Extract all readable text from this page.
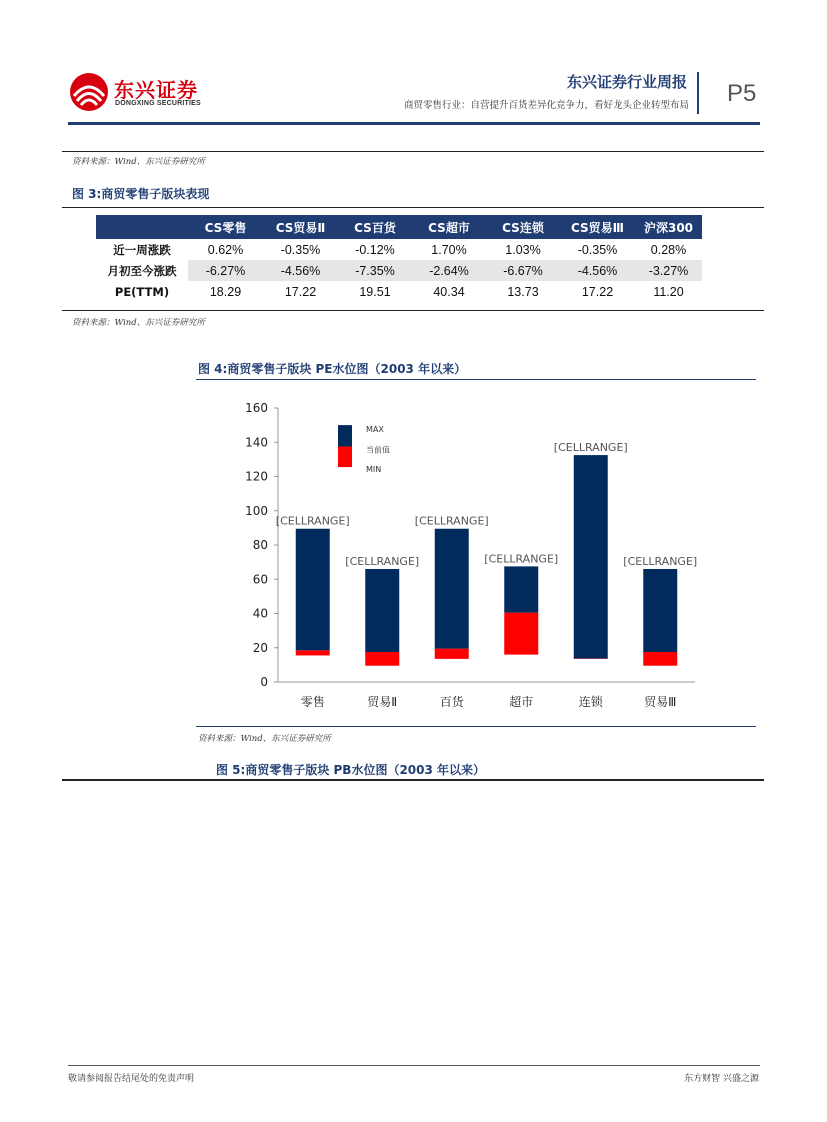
东兴证券
DONGXING SECURITIES
东兴证券行业周报
商贸零售行业：自营提升百货差异化竞争力，看好龙头企业转型布局 P5
资料来源：Wind、东兴证券研究所
图 3:商贸零售子版块表现
	CS零售	CS贸易Ⅱ	CS百货	CS超市	CS连锁	CS贸易Ⅲ	沪深300
近一周涨跌	0.62%	-0.35%	-0.12%	1.70%	1.03%	-0.35%	0.28%
月初至今涨跌	-6.27%	-4.56%	-7.35%	-2.64%	-6.67%	-4.56%	-3.27%
PE(TTM)	18.29	17.22	19.51	40.34	13.73	17.22	11.20
资料来源：Wind、东兴证券研究所
图 4:商贸零售子版块 PE水位图（2003 年以来）
160
140
120
100
80
60
40
20
0
[CELLRANGE]
零售
[CELLRANGE]
贸易Ⅱ
[CELLRANGE]
百货
[CELLRANGE]
超市
[CELLRANGE]
连锁
[CELLRANGE]
贸易Ⅲ
MAX
当前值
MIN
资料来源：Wind、东兴证券研究所
图 5:商贸零售子版块 PB水位图（2003 年以来）
敬请参阅报告结尾处的免责声明	东方财智 兴盛之源
